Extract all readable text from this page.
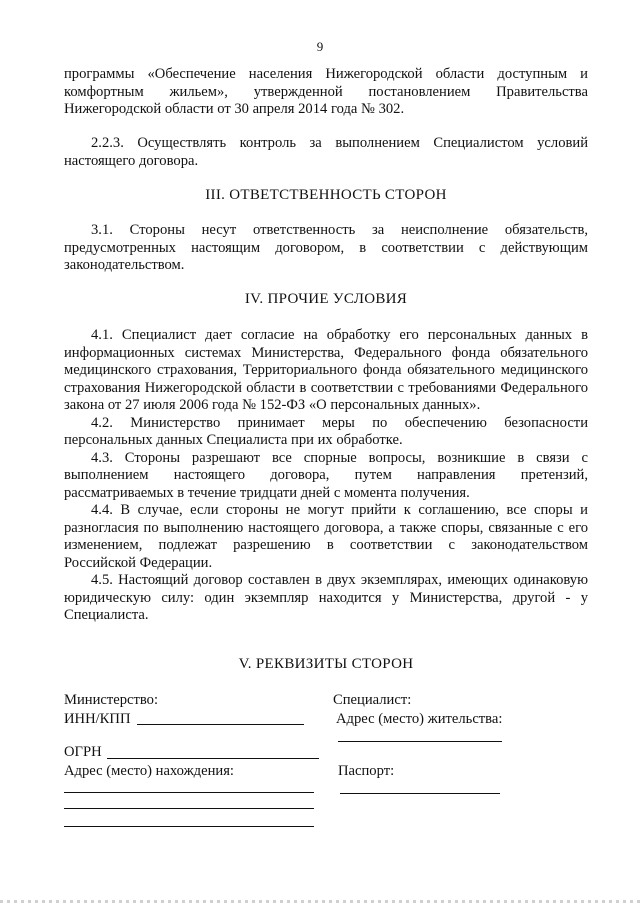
9

программы «Обеспечение населения Нижегородской области доступным и комфортным жильем», утвержденной постановлением Правительства Нижегородской области от 30 апреля 2014 года № 302.

2.2.3. Осуществлять контроль за выполнением Специалистом условий настоящего договора.

III. ОТВЕТСТВЕННОСТЬ СТОРОН

3.1. Стороны несут ответственность за неисполнение обязательств, предусмотренных настоящим договором, в соответствии с действующим законодательством.

IV. ПРОЧИЕ УСЛОВИЯ

4.1. Специалист дает согласие на обработку его персональных данных в информационных системах Министерства, Федерального фонда обязательного медицинского страхования, Территориального фонда обязательного медицинского страхования Нижегородской области в соответствии с требованиями Федерального закона от 27 июля 2006 года № 152-ФЗ «О персональных данных».

4.2. Министерство принимает меры по обеспечению безопасности персональных данных Специалиста при их обработке.

4.3. Стороны разрешают все спорные вопросы, возникшие в связи с выполнением настоящего договора, путем направления претензий, рассматриваемых в течение тридцати дней с момента получения.

4.4. В случае, если стороны не могут прийти к соглашению, все споры и разногласия по выполнению настоящего договора, а также споры, связанные с его изменением, подлежат разрешению в соответствии с законодательством Российской Федерации.

4.5. Настоящий договор составлен в двух экземплярах, имеющих одинаковую юридическую силу: один экземпляр находится у Министерства, другой - у Специалиста.

V. РЕКВИЗИТЫ СТОРОН
Министерство:
ИНН/КПП
ОГРН
Адрес (место) нахождения:
Специалист:
Адрес (место) жительства:
Паспорт:
